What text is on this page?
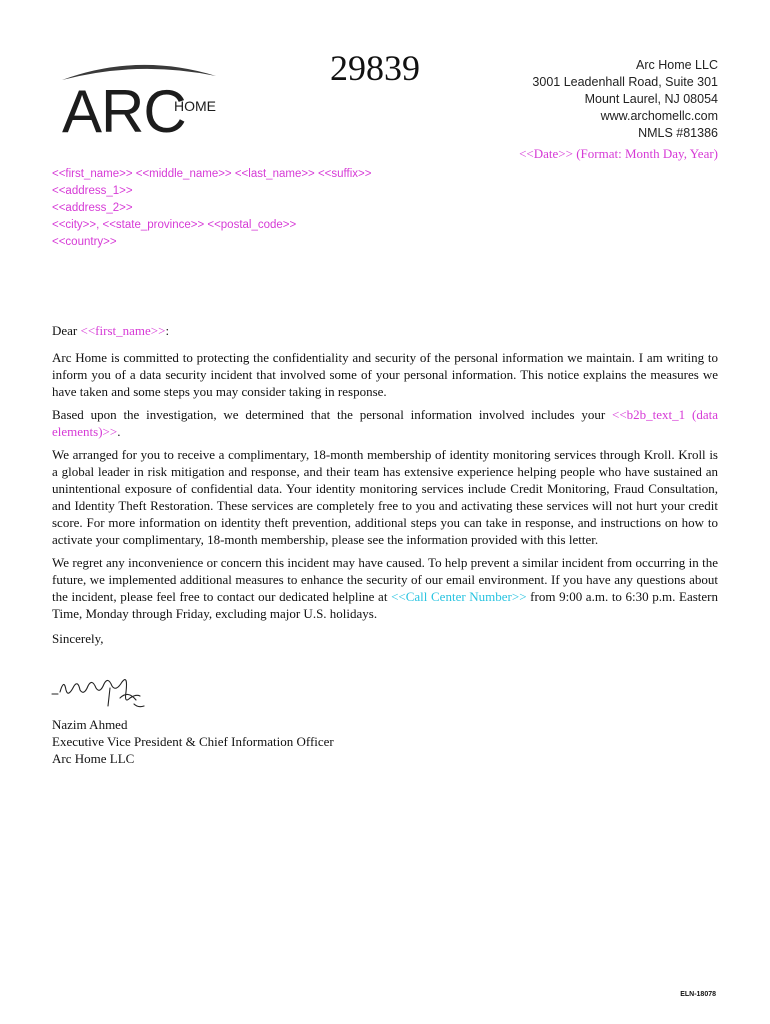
ARC
HOME
29839	Arc Home LLC
3001 Leadenhall Road, Suite 301
Mount Laurel, NJ 08054
www.archomellc.com
NMLS #81386
<<Date>> (Format: Month Day, Year)
<<first_name>> <<middle_name>> <<last_name>> <<suffix>>
<<address_1>>
<<address_2>>
<<city>>, <<state_province>> <<postal_code>>
<<country>>

Dear <<first_name>>:

Arc Home is committed to protecting the confidentiality and security of the personal information we maintain. I am writing to inform you of a data security incident that involved some of your personal information. This notice explains the measures we have taken and some steps you may consider taking in response.

Based upon the investigation, we determined that the personal information involved includes your <<b2b_text_1 (data elements)>>.

We arranged for you to receive a complimentary, 18-month membership of identity monitoring services through Kroll. Kroll is a global leader in risk mitigation and response, and their team has extensive experience helping people who have sustained an unintentional exposure of confidential data. Your identity monitoring services include Credit Monitoring, Fraud Consultation, and Identity Theft Restoration. These services are completely free to you and activating these services will not hurt your credit score. For more information on identity theft prevention, additional steps you can take in response, and instructions on how to activate your complimentary, 18-month membership, please see the information provided with this letter.

We regret any inconvenience or concern this incident may have caused. To help prevent a similar incident from occurring in the future, we implemented additional measures to enhance the security of our email environment. If you have any questions about the incident, please feel free to contact our dedicated helpline at <<Call Center Number>> from 9:00 a.m. to 6:30 p.m. Eastern Time, Monday through Friday, excluding major U.S. holidays.

Sincerely,

Nazim Ahmed
Executive Vice President & Chief Information Officer
Arc Home LLC
ELN-18078
